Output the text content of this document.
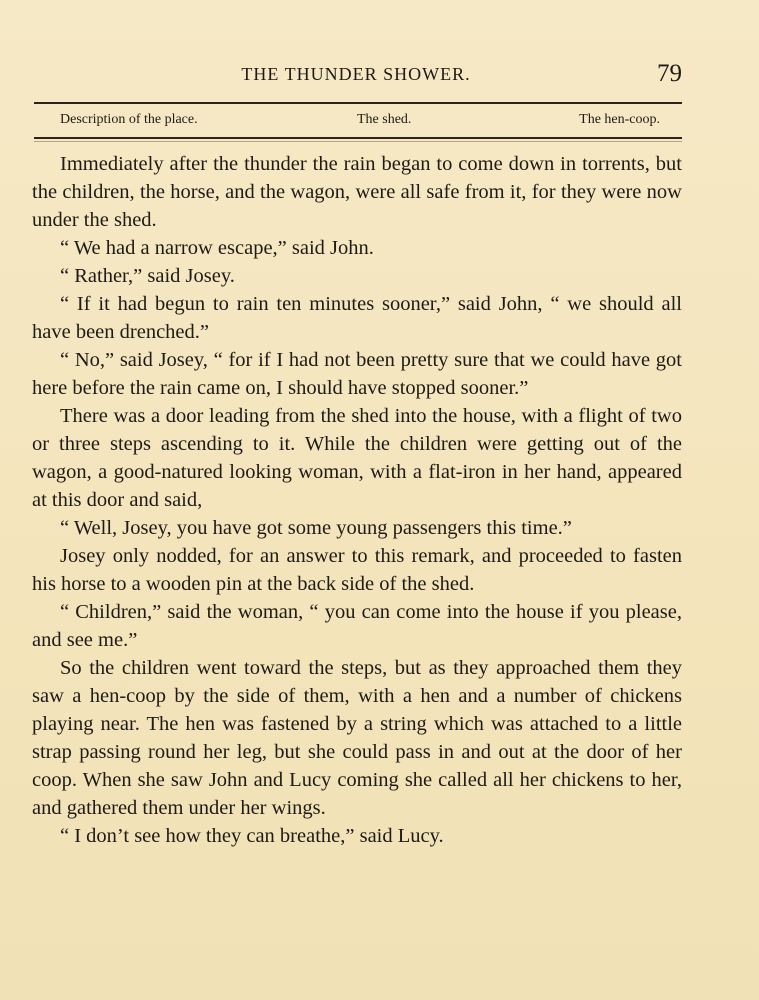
THE THUNDER SHOWER.	79
Description of the place.	The shed.	The hen-coop.

Immediately after the thunder the rain began to come down in torrents, but the children, the horse, and the wagon, were all safe from it, for they were now under the shed.

“ We had a narrow escape,” said John.

“ Rather,” said Josey.

“ If it had begun to rain ten minutes sooner,” said John, “ we should all have been drenched.”

“ No,” said Josey, “ for if I had not been pretty sure that we could have got here before the rain came on, I should have stopped sooner.”

There was a door leading from the shed into the house, with a flight of two or three steps ascending to it. While the children were getting out of the wagon, a good-natured looking woman, with a flat-iron in her hand, appeared at this door and said,

“ Well, Josey, you have got some young passengers this time.”

Josey only nodded, for an answer to this remark, and proceeded to fasten his horse to a wooden pin at the back side of the shed.

“ Children,” said the woman, “ you can come into the house if you please, and see me.”

So the children went toward the steps, but as they approached them they saw a hen-coop by the side of them, with a hen and a number of chickens playing near. The hen was fastened by a string which was attached to a little strap passing round her leg, but she could pass in and out at the door of her coop. When she saw John and Lucy coming she called all her chickens to her, and gathered them under her wings.

“ I don’t see how they can breathe,” said Lucy.
